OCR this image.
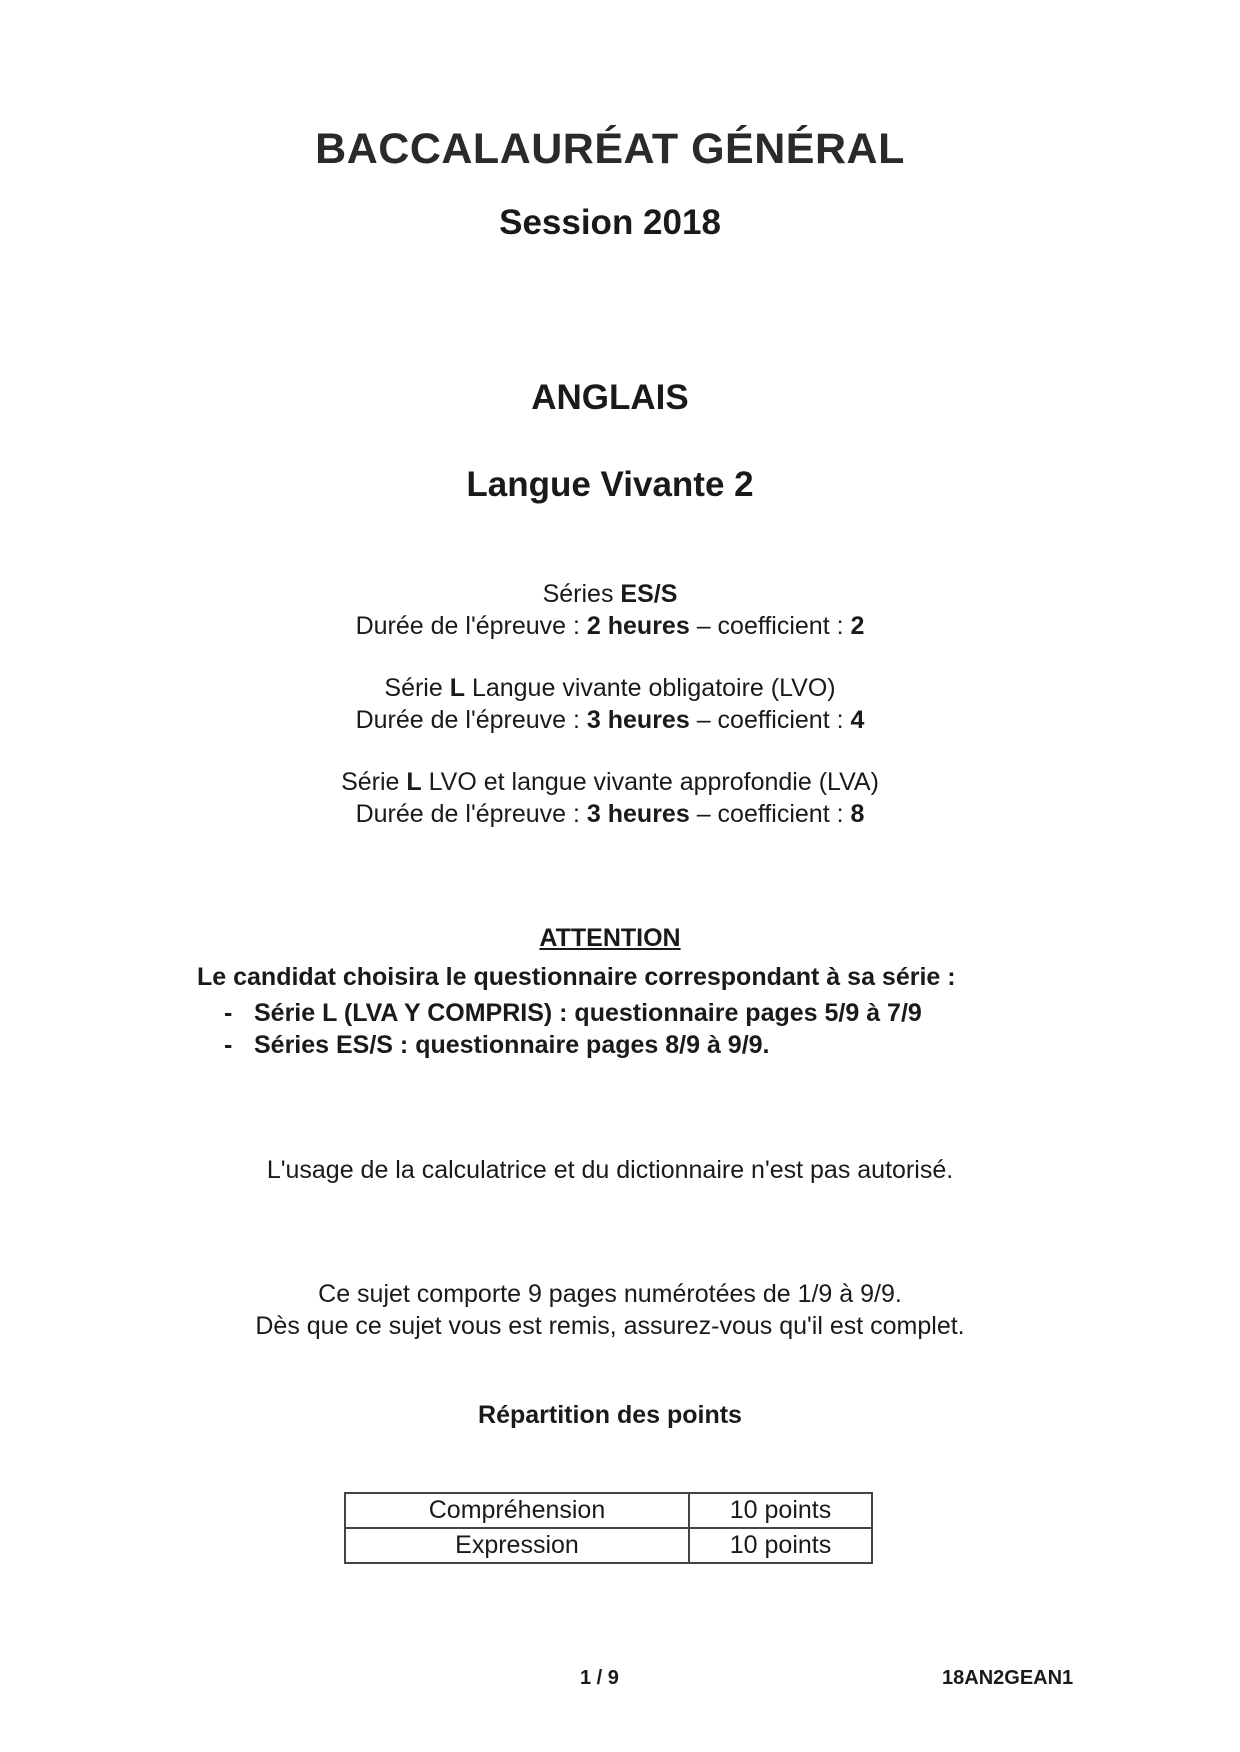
BACCALAURÉAT GÉNÉRAL
Session 2018
ANGLAIS
Langue Vivante 2
Séries ES/S
Durée de l'épreuve : 2 heures – coefficient : 2
Série L Langue vivante obligatoire (LVO)
Durée de l'épreuve : 3 heures – coefficient : 4
Série L LVO et langue vivante approfondie (LVA)
Durée de l'épreuve : 3 heures – coefficient : 8
ATTENTION
Le candidat choisira le questionnaire correspondant à sa série :
- Série L (LVA Y COMPRIS) : questionnaire pages 5/9 à 7/9
- Séries ES/S : questionnaire pages 8/9 à 9/9.
L'usage de la calculatrice et du dictionnaire n'est pas autorisé.
Ce sujet comporte 9 pages numérotées de 1/9 à 9/9.
Dès que ce sujet vous est remis, assurez-vous qu'il est complet.
Répartition des points
Compréhension	10 points
Expression	10 points
1 / 9	18AN2GEAN1
